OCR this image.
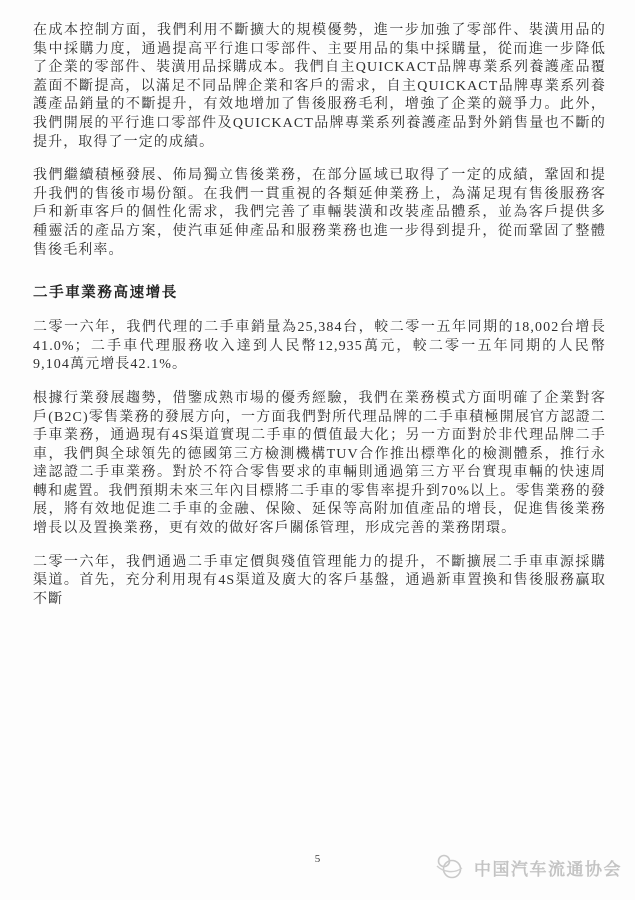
在成本控制方面，我們利用不斷擴大的規模優勢，進一步加強了零部件、裝潢用品的集中採購力度，通過提高平行進口零部件、主要用品的集中採購量，從而進一步降低了企業的零部件、裝潢用品採購成本。我們自主QUICKACT品牌專業系列養護產品覆蓋面不斷提高，以滿足不同品牌企業和客戶的需求，自主QUICKACT品牌專業系列養護產品銷量的不斷提升，有效地增加了售後服務毛利，增強了企業的競爭力。此外，我們開展的平行進口零部件及QUICKACT品牌專業系列養護產品對外銷售量也不斷的提升，取得了一定的成績。

我們繼續積極發展、佈局獨立售後業務，在部分區域已取得了一定的成績，鞏固和提升我們的售後市場份額。在我們一貫重視的各類延伸業務上，為滿足現有售後服務客戶和新車客戶的個性化需求，我們完善了車輛裝潢和改裝產品體系，並為客戶提供多種靈活的產品方案，使汽車延伸產品和服務業務也進一步得到提升，從而鞏固了整體售後毛利率。

二手車業務高速增長

二零一六年，我們代理的二手車銷量為25,384台，較二零一五年同期的18,002台增長41.0%；二手車代理服務收入達到人民幣12,935萬元，較二零一五年同期的人民幣9,104萬元增長42.1%。

根據行業發展趨勢，借鑒成熟市場的優秀經驗，我們在業務模式方面明確了企業對客戶(B2C)零售業務的發展方向，一方面我們對所代理品牌的二手車積極開展官方認證二手車業務，通過現有4S渠道實現二手車的價值最大化；另一方面對於非代理品牌二手車，我們與全球領先的德國第三方檢測機構TUV合作推出標準化的檢測體系，推行永達認證二手車業務。對於不符合零售要求的車輛則通過第三方平台實現車輛的快速周轉和處置。我們預期未來三年內目標將二手車的零售率提升到70%以上。零售業務的發展，將有效地促進二手車的金融、保險、延保等高附加值產品的增長，促進售後業務增長以及置換業務，更有效的做好客戶關係管理，形成完善的業務閉環。

二零一六年，我們通過二手車定價與殘值管理能力的提升，不斷擴展二手車車源採購渠道。首先，充分利用現有4S渠道及廣大的客戶基盤，通過新車置換和售後服務贏取不斷

5
中国汽车流通协会
